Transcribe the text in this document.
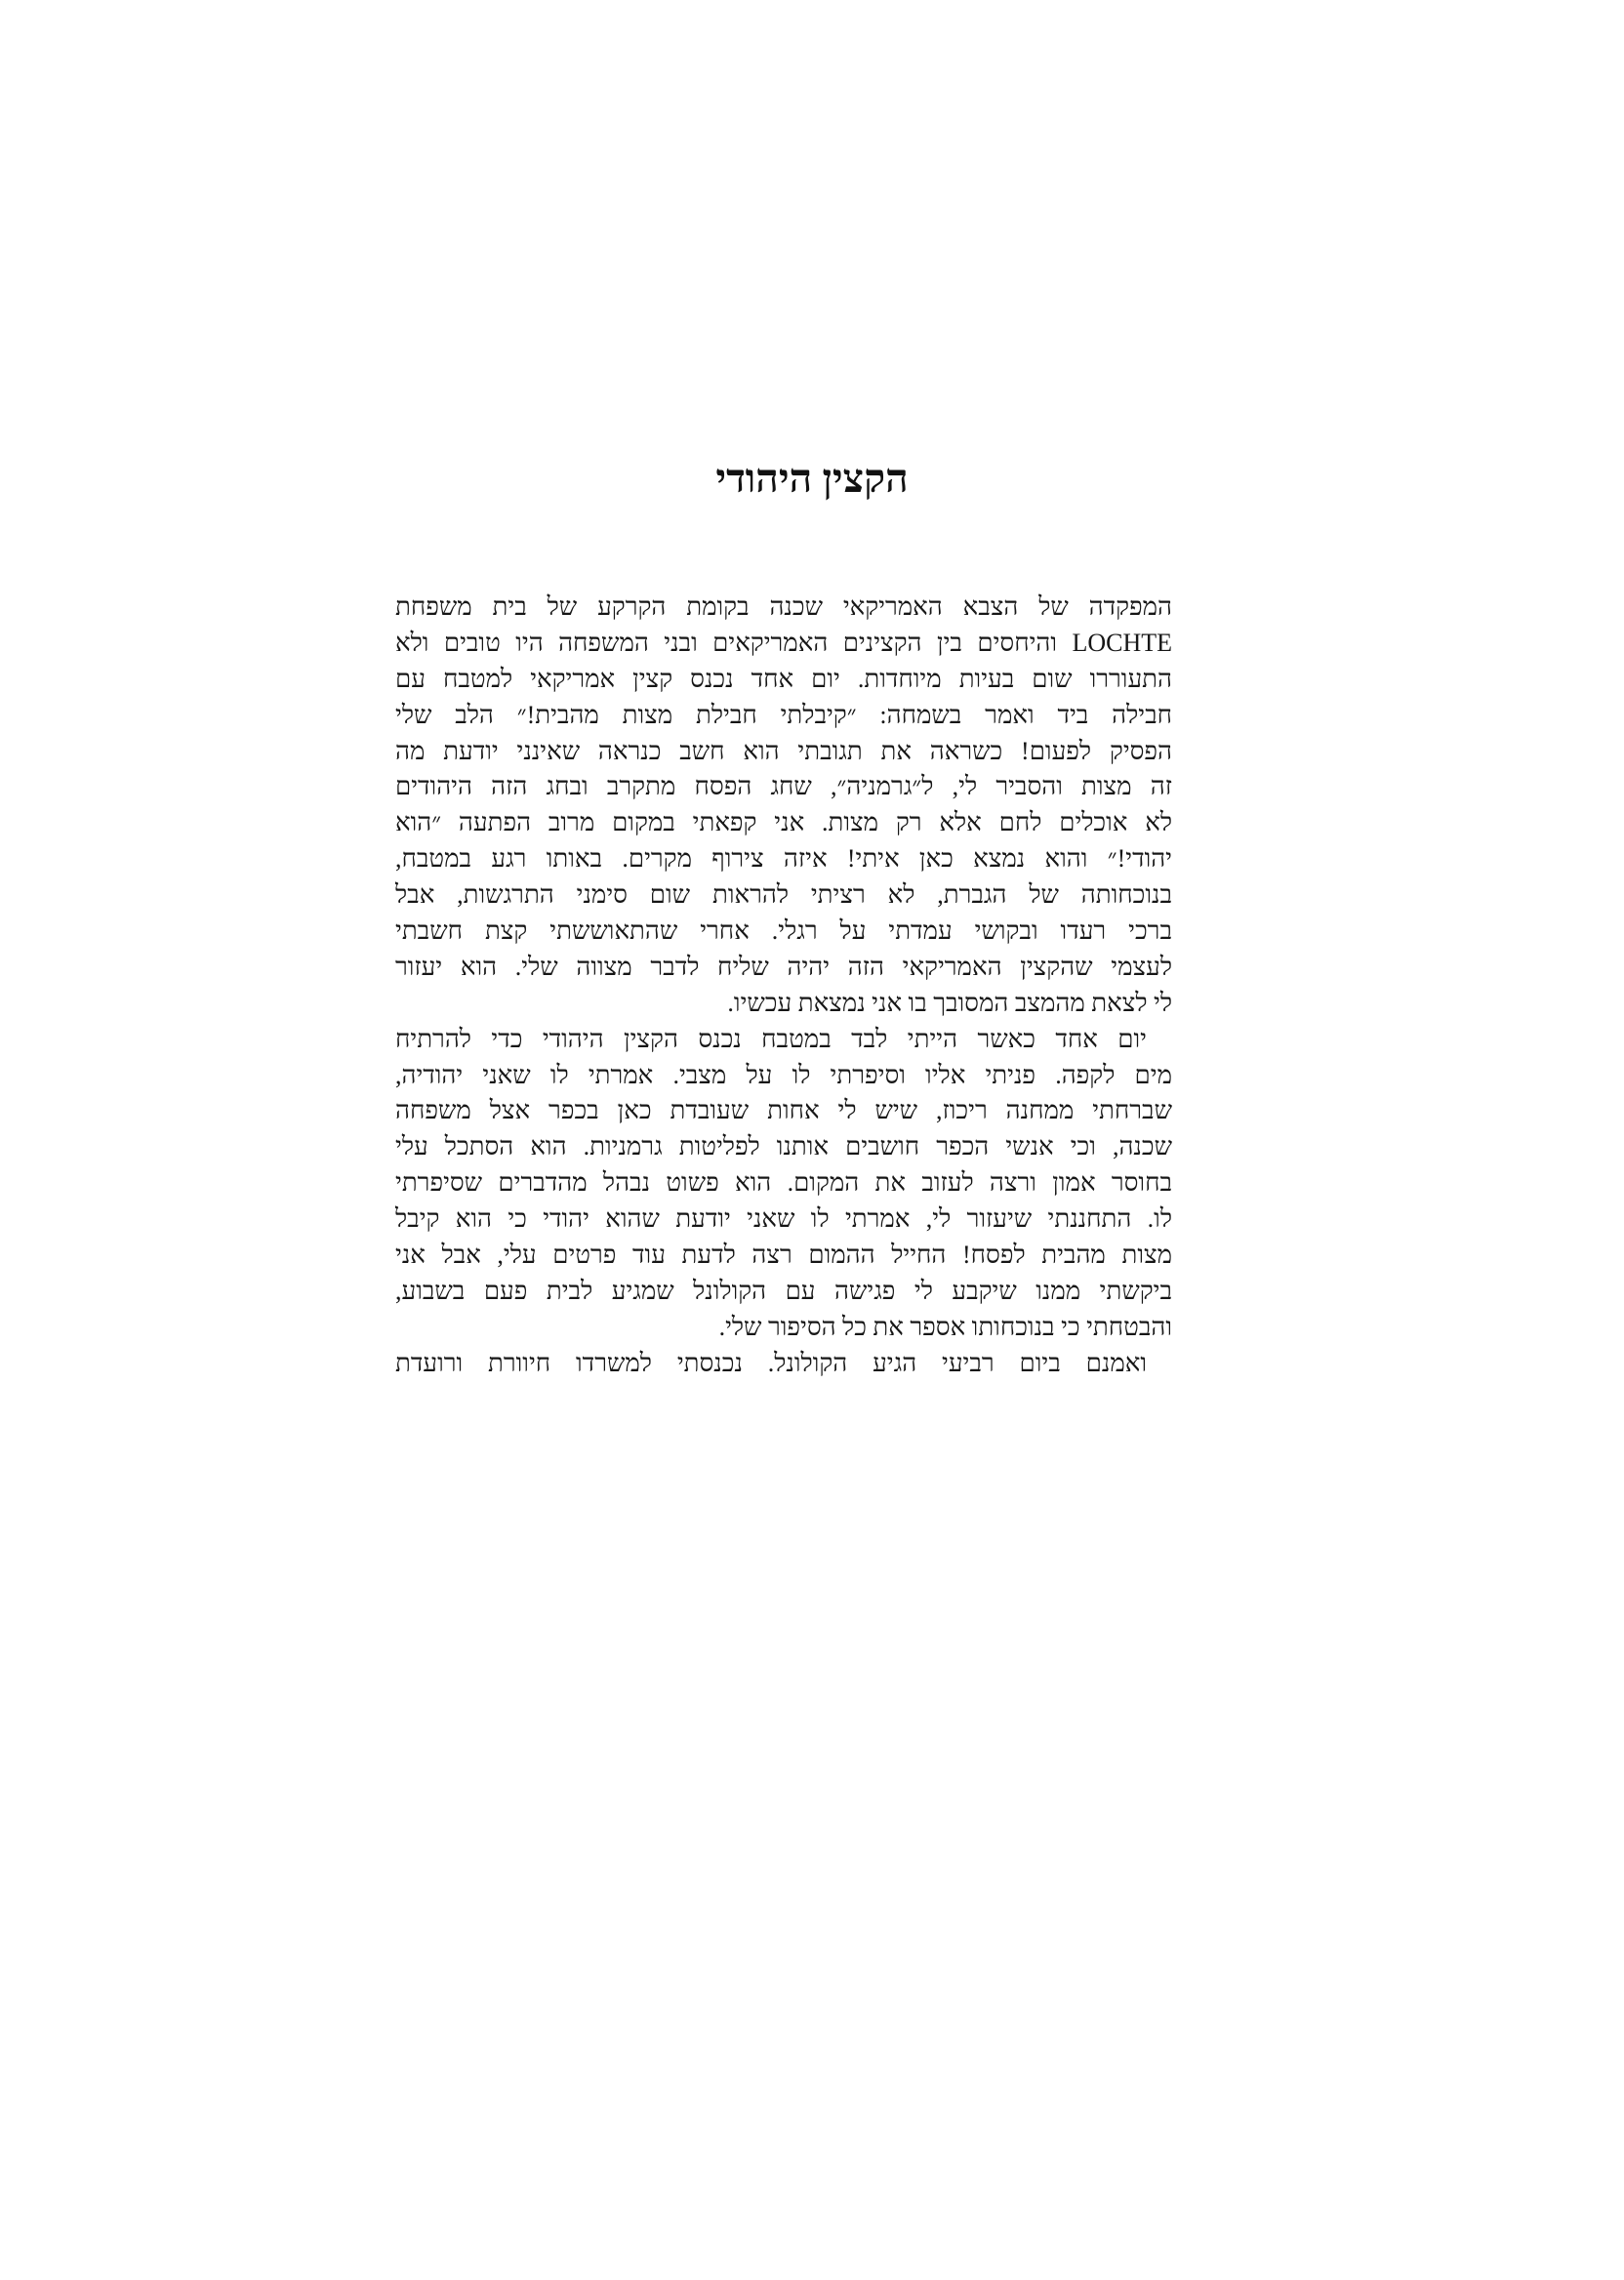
הקצין היהודי
המפקדה של הצבא האמריקאי שכנה בקומת הקרקע של בית משפחת
LOCHTE והיחסים בין הקצינים האמריקאים ובני המשפחה היו טובים ולא
התעוררו שום בעיות מיוחדות. יום אחד נכנס קצין אמריקאי למטבח עם
חבילה ביד ואמר בשמחה: ״קיבלתי חבילת מצות מהבית!״ הלב שלי
הפסיק לפעום! כשראה את תגובתי הוא חשב כנראה שאינני יודעת מה
זה מצות והסביר לי, ל״גרמניה״, שחג הפסח מתקרב ובחג הזה היהודים
לא אוכלים לחם אלא רק מצות. אני קפאתי במקום מרוב הפתעה ״הוא
יהודי!״ והוא נמצא כאן איתי! איזה צירוף מקרים. באותו רגע במטבח,
בנוכחותה של הגברת, לא רציתי להראות שום סימני התרגשות, אבל
ברכי רעדו ובקושי עמדתי על רגלי. אחרי שהתאוששתי קצת חשבתי
לעצמי שהקצין האמריקאי הזה יהיה שליח לדבר מצווה שלי. הוא יעזור
לי לצאת מהמצב המסובך בו אני נמצאת עכשיו.
יום אחד כאשר הייתי לבד במטבח נכנס הקצין היהודי כדי להרתיח
מים לקפה. פניתי אליו וסיפרתי לו על מצבי. אמרתי לו שאני יהודיה,
שברחתי ממחנה ריכוז, שיש לי אחות שעובדת כאן בכפר אצל משפחה
שכנה, וכי אנשי הכפר חושבים אותנו לפליטות גרמניות. הוא הסתכל עלי
בחוסר אמון ורצה לעזוב את המקום. הוא פשוט נבהל מהדברים שסיפרתי
לו. התחננתי שיעזור לי, אמרתי לו שאני יודעת שהוא יהודי כי הוא קיבל
מצות מהבית לפסח! החייל ההמום רצה לדעת עוד פרטים עלי, אבל אני
ביקשתי ממנו שיקבע לי פגישה עם הקולונל שמגיע לבית פעם בשבוע,
והבטחתי כי בנוכחותו אספר את כל הסיפור שלי.
ואמנם ביום רביעי הגיע הקולונל. נכנסתי למשרדו חיוורת ורועדת
